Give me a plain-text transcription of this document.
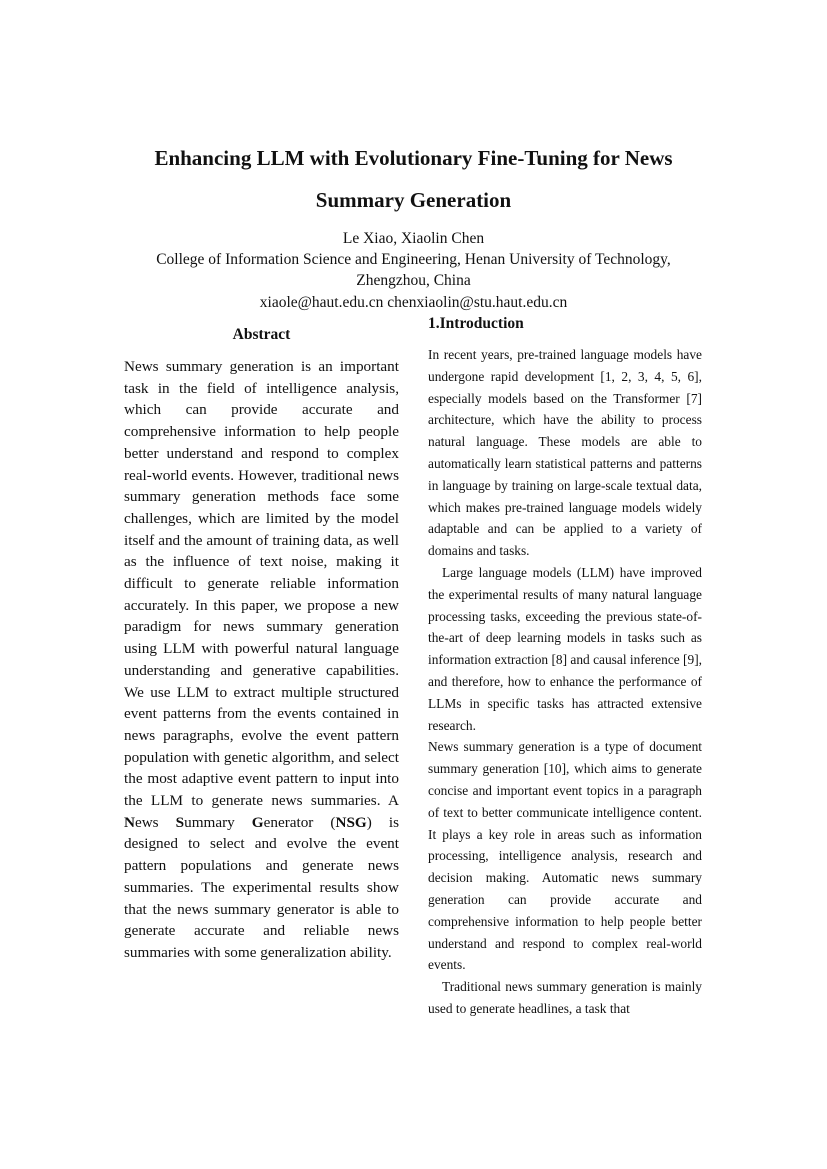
Enhancing LLM with Evolutionary Fine-Tuning for News
Summary Generation

Le Xiao, Xiaolin Chen

College of Information Science and Engineering, Henan University of Technology,

Zhengzhou, China

xiaole@haut.edu.cn chenxiaolin@stu.haut.edu.cn

Abstract

News summary generation is an important task in the field of intelligence analysis, which can provide accurate and comprehensive information to help people better understand and respond to complex real-world events. However, traditional news summary generation methods face some challenges, which are limited by the model itself and the amount of training data, as well as the influence of text noise, making it difficult to generate reliable information accurately. In this paper, we propose a new paradigm for news summary generation using LLM with powerful natural language understanding and generative capabilities. We use LLM to extract multiple structured event patterns from the events contained in news paragraphs, evolve the event pattern population with genetic algorithm, and select the most adaptive event pattern to input into the LLM to generate news summaries. A News Summary Generator (NSG) is designed to select and evolve the event pattern populations and generate news summaries. The experimental results show that the news summary generator is able to generate accurate and reliable news summaries with some generalization ability.

1.Introduction

In recent years, pre-trained language models have undergone rapid development [1, 2, 3, 4, 5, 6], especially models based on the Transformer [7] architecture, which have the ability to process natural language. These models are able to automatically learn statistical patterns and patterns in language by training on large-scale textual data, which makes pre-trained language models widely adaptable and can be applied to a variety of domains and tasks.

Large language models (LLM) have improved the experimental results of many natural language processing tasks, exceeding the previous state-of-the-art of deep learning models in tasks such as information extraction [8] and causal inference [9], and therefore, how to enhance the performance of LLMs in specific tasks has attracted extensive research.

News summary generation is a type of document summary generation [10], which aims to generate concise and important event topics in a paragraph of text to better communicate intelligence content. It plays a key role in areas such as information processing, intelligence analysis, research and decision making. Automatic news summary generation can provide accurate and comprehensive information to help people better understand and respond to complex real-world events.

Traditional news summary generation is mainly used to generate headlines, a task that
